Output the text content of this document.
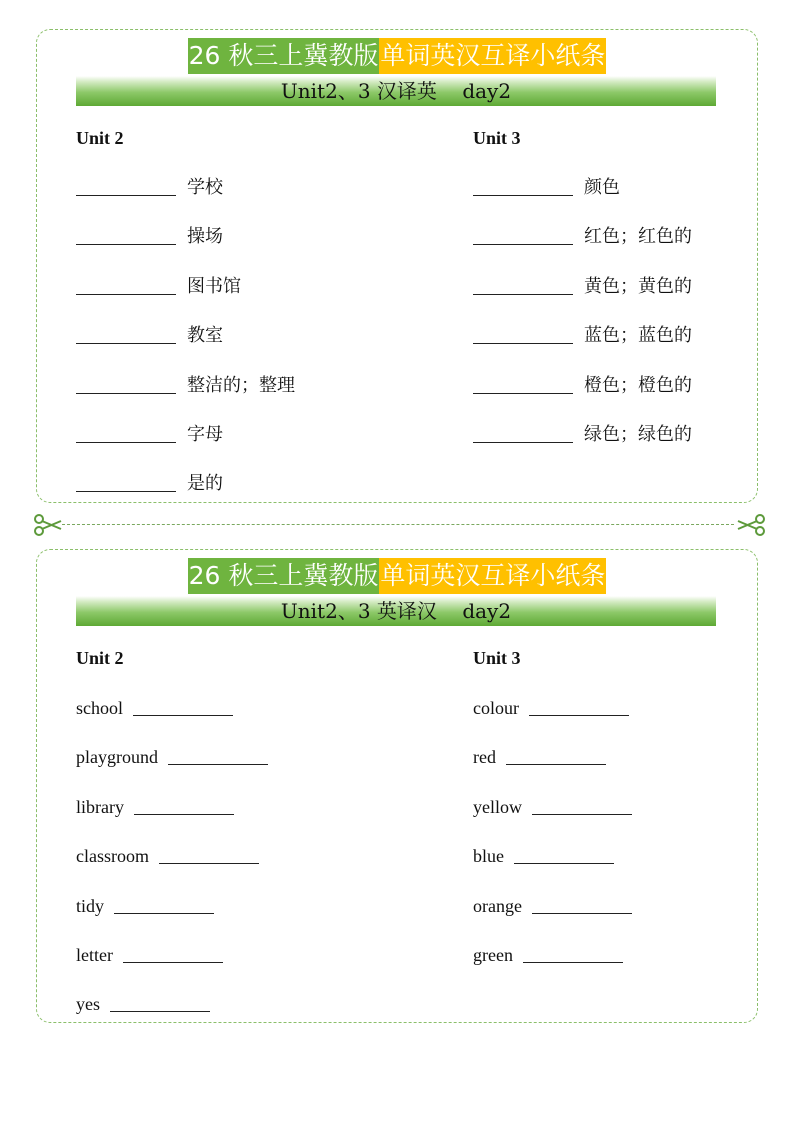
26 秋三上冀教版单词英汉互译小纸条
Unit2、3 汉译英    day2
Unit 2
学校
操场
图书馆
教室
整洁的；整理
字母
是的
Unit 3
颜色
红色；红色的
黄色；黄色的
蓝色；蓝色的
橙色；橙色的
绿色；绿色的
26 秋三上冀教版单词英汉互译小纸条
Unit2、3 英译汉    day2
Unit 2
school
playground
library
classroom
tidy
letter
yes
Unit 3
colour
red
yellow
blue
orange
green
